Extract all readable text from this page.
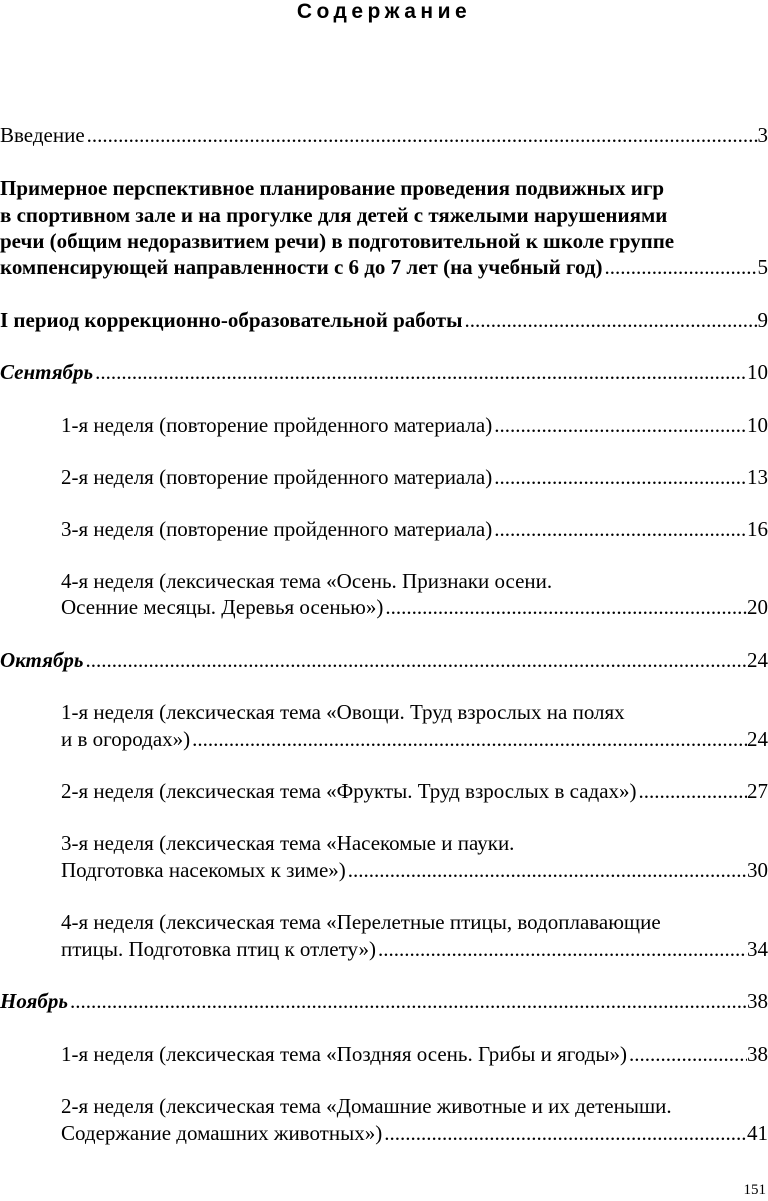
Содержание
Введение .....	3
Примерное перспективное планирование проведения подвижных игр
в спортивном зале и на прогулке для детей с тяжелыми нарушениями
речи (общим недоразвитием речи) в подготовительной к школе группе
компенсирующей направленности с 6 до 7 лет (на учебный год) .....	5
I период коррекционно-образовательной работы .....	9
Сентябрь .....	10
1-я неделя (повторение пройденного материала) .....	10
2-я неделя (повторение пройденного материала) .....	13
3-я неделя (повторение пройденного материала) .....	16
4-я неделя (лексическая тема «Осень. Признаки осени.
Осенние месяцы. Деревья осенью») .....	20
Октябрь .....	24
1-я неделя (лексическая тема «Овощи. Труд взрослых на полях
и в огородах») .....	24
2-я неделя (лексическая тема «Фрукты. Труд взрослых в садах») .....	27
3-я неделя (лексическая тема «Насекомые и пауки.
Подготовка насекомых к зиме») .....	30
4-я неделя (лексическая тема «Перелетные птицы, водоплавающие
птицы. Подготовка птиц к отлету») .....	34
Ноябрь .....	38
1-я неделя (лексическая тема «Поздняя осень. Грибы и ягоды») .....	38
2-я неделя (лексическая тема «Домашние животные и их детеныши.
Содержание домашних животных») .....	41
151
